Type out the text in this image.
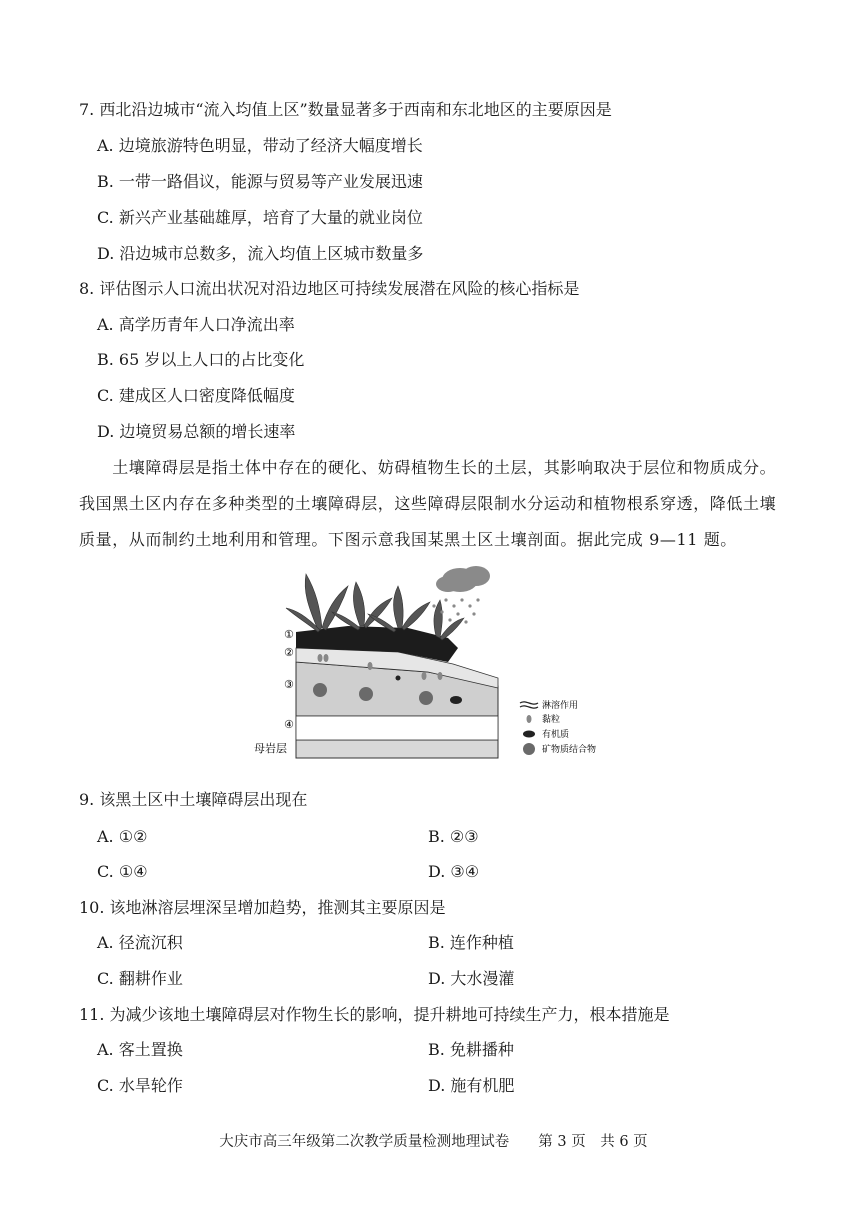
7. 西北沿边城市“流入均值上区”数量显著多于西南和东北地区的主要原因是
A. 边境旅游特色明显，带动了经济大幅度增长
B. 一带一路倡议，能源与贸易等产业发展迅速
C. 新兴产业基础雄厚，培育了大量的就业岗位
D. 沿边城市总数多，流入均值上区城市数量多
8. 评估图示人口流出状况对沿边地区可持续发展潜在风险的核心指标是
A. 高学历青年人口净流出率
B. 65 岁以上人口的占比变化
C. 建成区人口密度降低幅度
D. 边境贸易总额的增长速率
　　土壤障碍层是指土体中存在的硬化、妨碍植物生长的土层，其影响取决于层位和物质成分。
我国黑土区内存在多种类型的土壤障碍层，这些障碍层限制水分运动和植物根系穿透，降低土壤
质量，从而制约土地利用和管理。下图示意我国某黑土区土壤剖面。据此完成 9—11 题。
①
②
③
④
母岩层
淋溶作用
黏粒
有机质
矿物质结合物
9. 该黑土区中土壤障碍层出现在
A. ①②	B. ②③
C. ①④	D. ③④
10. 该地淋溶层埋深呈增加趋势，推测其主要原因是
A. 径流沉积	B. 连作种植
C. 翻耕作业	D. 大水漫灌
11. 为减少该地土壤障碍层对作物生长的影响，提升耕地可持续生产力，根本措施是
A. 客土置换	B. 免耕播种
C. 水旱轮作	D. 施有机肥
大庆市高三年级第二次教学质量检测地理试卷　　第 3 页　共 6 页
